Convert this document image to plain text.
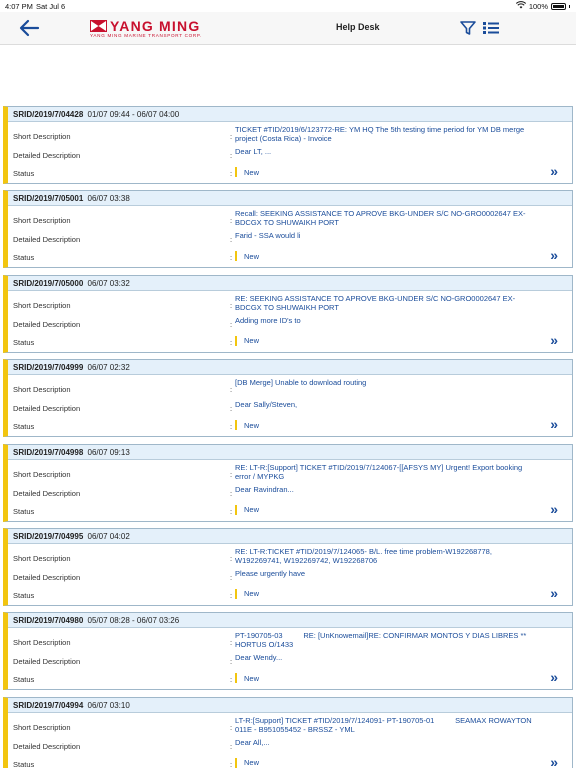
4:07 PM Sat Jul 6	100%
YANG MING
YANG MING MARINE TRANSPORT CORP.
Help Desk
SRID/2019/7/04428 01/07 09:44 - 06/07 04:00
Short Description	:
TICKET #TID/2019/6/123772-RE: YM HQ The 5th testing time period for YM DB merge project (Costa Rica) - Invoice
Detailed Description	: Dear LT, ...
Status	: New	»
SRID/2019/7/05001 06/07 03:38
Short Description	:
Recall: SEEKING ASSISTANCE TO APROVE BKG-UNDER S/C NO-GRO0002647 EX-BDCGX TO SHUWAIKH PORT
Detailed Description	: Farid - SSA would li
Status	: New	»
SRID/2019/7/05000 06/07 03:32
Short Description	:
RE: SEEKING ASSISTANCE TO APROVE BKG-UNDER S/C NO-GRO0002647 EX-BDCGX TO SHUWAIKH PORT
Detailed Description	: Adding more ID's to
Status	: New	»
SRID/2019/7/04999 06/07 02:32
Short Description	:
[DB Merge] Unable to download routing
Detailed Description	: Dear Sally/Steven,
Status	: New	»
SRID/2019/7/04998 06/07 09:13
Short Description	:
RE: LT-R:[Support] TICKET #TID/2019/7/124067-[[AFSYS MY] Urgent! Export booking error / MYPKG
Detailed Description	: Dear Ravindran...
Status	: New	»
SRID/2019/7/04995 06/07 04:02
Short Description	:
RE: LT-R:TICKET #TID/2019/7/124065- B/L. free time problem-W192268778, W192269741, W192269742, W192268706
Detailed Description	: Please urgently have
Status	: New	»
SRID/2019/7/04980 05/07 08:28 - 06/07 03:26
Short Description	:
PT-190705-03          RE: [UnKnowemail]RE: CONFIRMAR MONTOS Y DIAS LIBRES ** HORTUS O/1433
Detailed Description	: Dear Wendy...
Status	: New	»
SRID/2019/7/04994 06/07 03:10
Short Description	:
LT-R:[Support] TICKET #TID/2019/7/124091- PT-190705-01          SEAMAX ROWAYTON 011E - B951055452 - BRSSZ - YML
Detailed Description	: Dear All,...
Status	: New	»
